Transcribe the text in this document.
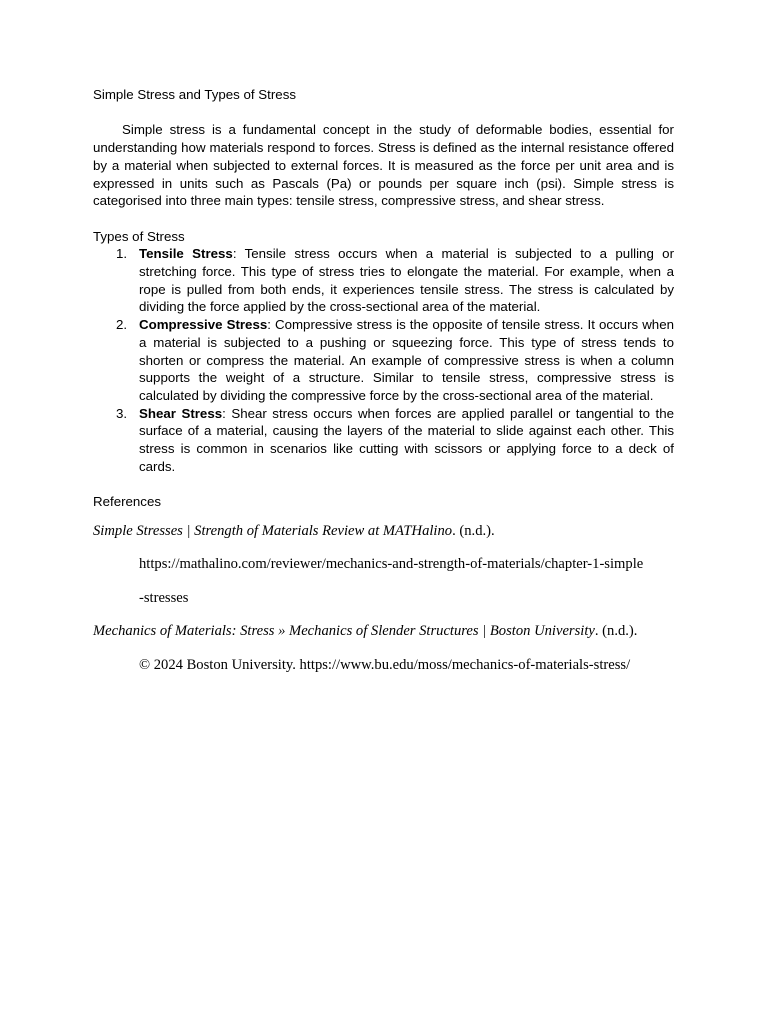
Simple Stress and Types of Stress

Simple stress is a fundamental concept in the study of deformable bodies, essential for understanding how materials respond to forces. Stress is defined as the internal resistance offered by a material when subjected to external forces. It is measured as the force per unit area and is expressed in units such as Pascals (Pa) or pounds per square inch (psi). Simple stress is categorised into three main types: tensile stress, compressive stress, and shear stress.

Types of Stress
1. Tensile Stress: Tensile stress occurs when a material is subjected to a pulling or stretching force. This type of stress tries to elongate the material. For example, when a rope is pulled from both ends, it experiences tensile stress. The stress is calculated by dividing the force applied by the cross-sectional area of the material.
2. Compressive Stress: Compressive stress is the opposite of tensile stress. It occurs when a material is subjected to a pushing or squeezing force. This type of stress tends to shorten or compress the material. An example of compressive stress is when a column supports the weight of a structure. Similar to tensile stress, compressive stress is calculated by dividing the compressive force by the cross-sectional area of the material.
3. Shear Stress: Shear stress occurs when forces are applied parallel or tangential to the surface of a material, causing the layers of the material to slide against each other. This stress is common in scenarios like cutting with scissors or applying force to a deck of cards.
References
Simple Stresses | Strength of Materials Review at MATHalino. (n.d.).
https://mathalino.com/reviewer/mechanics-and-strength-of-materials/chapter-1-simple
-stresses
Mechanics of Materials: Stress » Mechanics of Slender Structures | Boston University. (n.d.).
© 2024 Boston University. https://www.bu.edu/moss/mechanics-of-materials-stress/
